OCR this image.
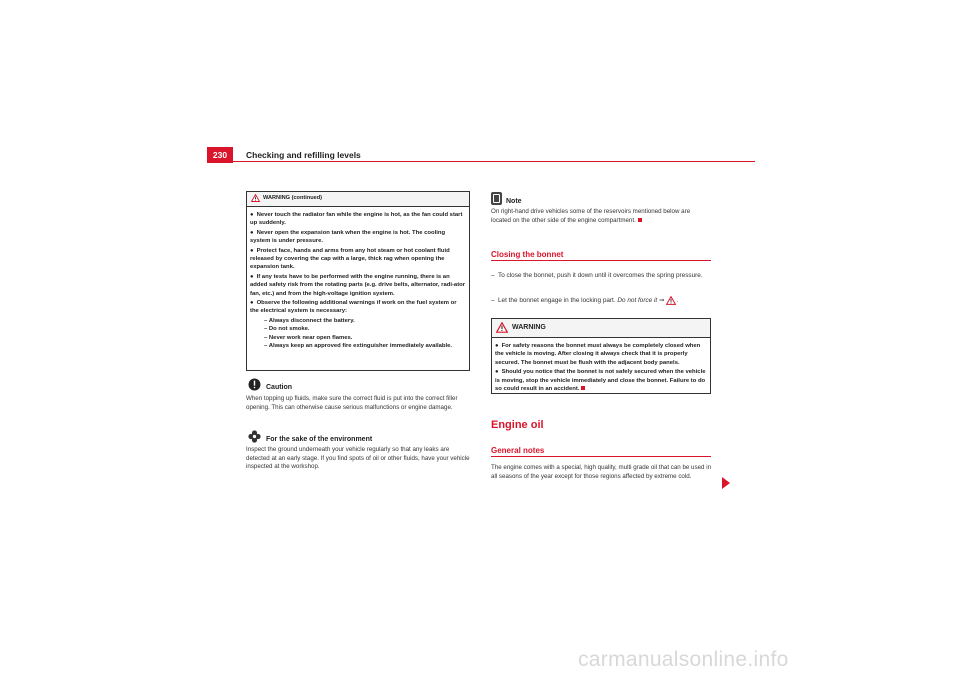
230	Checking and refilling levels
WARNING (continued)
● Never touch the radiator fan while the engine is hot, as the fan could start up suddenly.
● Never open the expansion tank when the engine is hot. The cooling system is under pressure.
● Protect face, hands and arms from any hot steam or hot coolant fluid released by covering the cap with a large, thick rag when opening the expansion tank.
● If any tests have to be performed with the engine running, there is an added safety risk from the rotating parts (e.g. drive belts, alternator, radi-ator fan, etc.) and from the high-voltage ignition system.
● Observe the following additional warnings if work on the fuel system or the electrical system is necessary:
– Always disconnect the battery.
– Do not smoke.
– Never work near open flames.
– Always keep an approved fire extinguisher immediately available.
Caution
When topping up fluids, make sure the correct fluid is put into the correct filler opening. This can otherwise cause serious malfunctions or engine damage.
For the sake of the environment
Inspect the ground underneath your vehicle regularly so that any leaks are detected at an early stage. If you find spots of oil or other fluids, have your vehicle inspected at the workshop.
Note
On right-hand drive vehicles some of the reservoirs mentioned below are located on the other side of the engine compartment.
Closing the bonnet
– To close the bonnet, push it down until it overcomes the spring pressure.
– Let the bonnet engage in the locking part. Do not force it ⇒ .
WARNING
● For safety reasons the bonnet must always be completely closed when the vehicle is moving. After closing it always check that it is properly secured. The bonnet must be flush with the adjacent body panels.
● Should you notice that the bonnet is not safely secured when the vehicle is moving, stop the vehicle immediately and close the bonnet. Failure to do so could result in an accident.
Engine oil
General notes
The engine comes with a special, high quality, multi grade oil that can be used in all seasons of the year except for those regions affected by extreme cold.
carmanualsonline.info
